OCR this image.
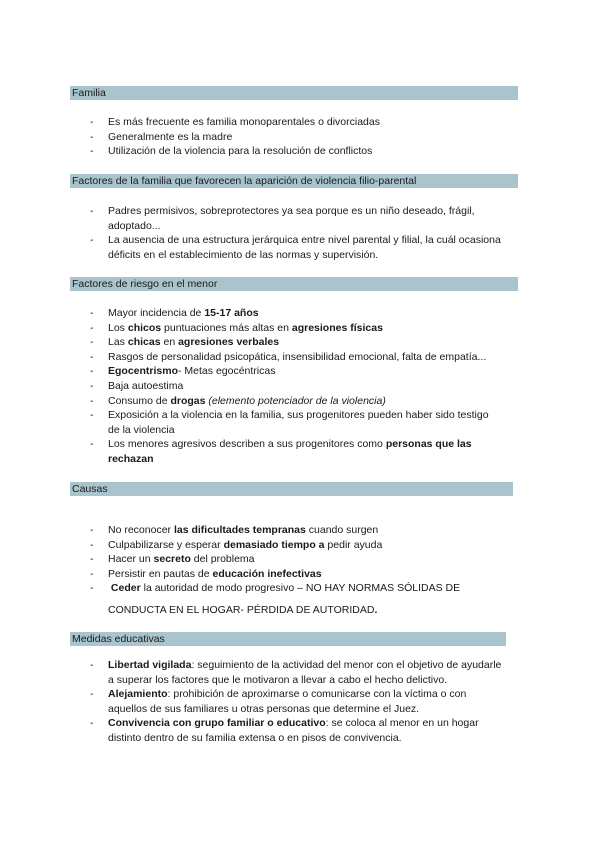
Familia
- Es más frecuente es familia monoparentales o divorciadas
- Generalmente es la madre
- Utilización de la violencia para la resolución de conflictos
Factores de la familia que favorecen la aparición de violencia filio-parental
- Padres permisivos, sobreprotectores ya sea porque es un niño deseado, frágil, adoptado...
- La ausencia de una estructura jerárquica entre nivel parental y filial, la cuál ocasiona déficits en el establecimiento de las normas y supervisión.
Factores de riesgo en el menor
- Mayor incidencia de 15-17 años
- Los chicos puntuaciones más altas en agresiones físicas
- Las chicas en agresiones verbales
- Rasgos de personalidad psicopática, insensibilidad emocional, falta de empatía...
- Egocentrismo- Metas egocéntricas
- Baja autoestima
- Consumo de drogas (elemento potenciador de la violencia)
- Exposición a la violencia en la familia, sus progenitores pueden haber sido testigo de la violencia
- Los menores agresivos describen a sus progenitores como personas que las rechazan
Causas
- No reconocer las dificultades tempranas cuando surgen
- Culpabilizarse y esperar demasiado tiempo a pedir ayuda
- Hacer un secreto del problema
- Persistir en pautas de educación inefectivas
- Ceder la autoridad de modo progresivo – NO HAY NORMAS SÓLIDAS DE CONDUCTA EN EL HOGAR- PÉRDIDA DE AUTORIDAD.
Medidas educativas
- Libertad vigilada: seguimiento de la actividad del menor con el objetivo de ayudarle a superar los factores que le motivaron a llevar a cabo el hecho delictivo.
- Alejamiento: prohibición de aproximarse o comunicarse con la víctima o con aquellos de sus familiares u otras personas que determine el Juez.
- Convivencia con grupo familiar o educativo: se coloca al menor en un hogar distinto dentro de su familia extensa o en pisos de convivencia.
